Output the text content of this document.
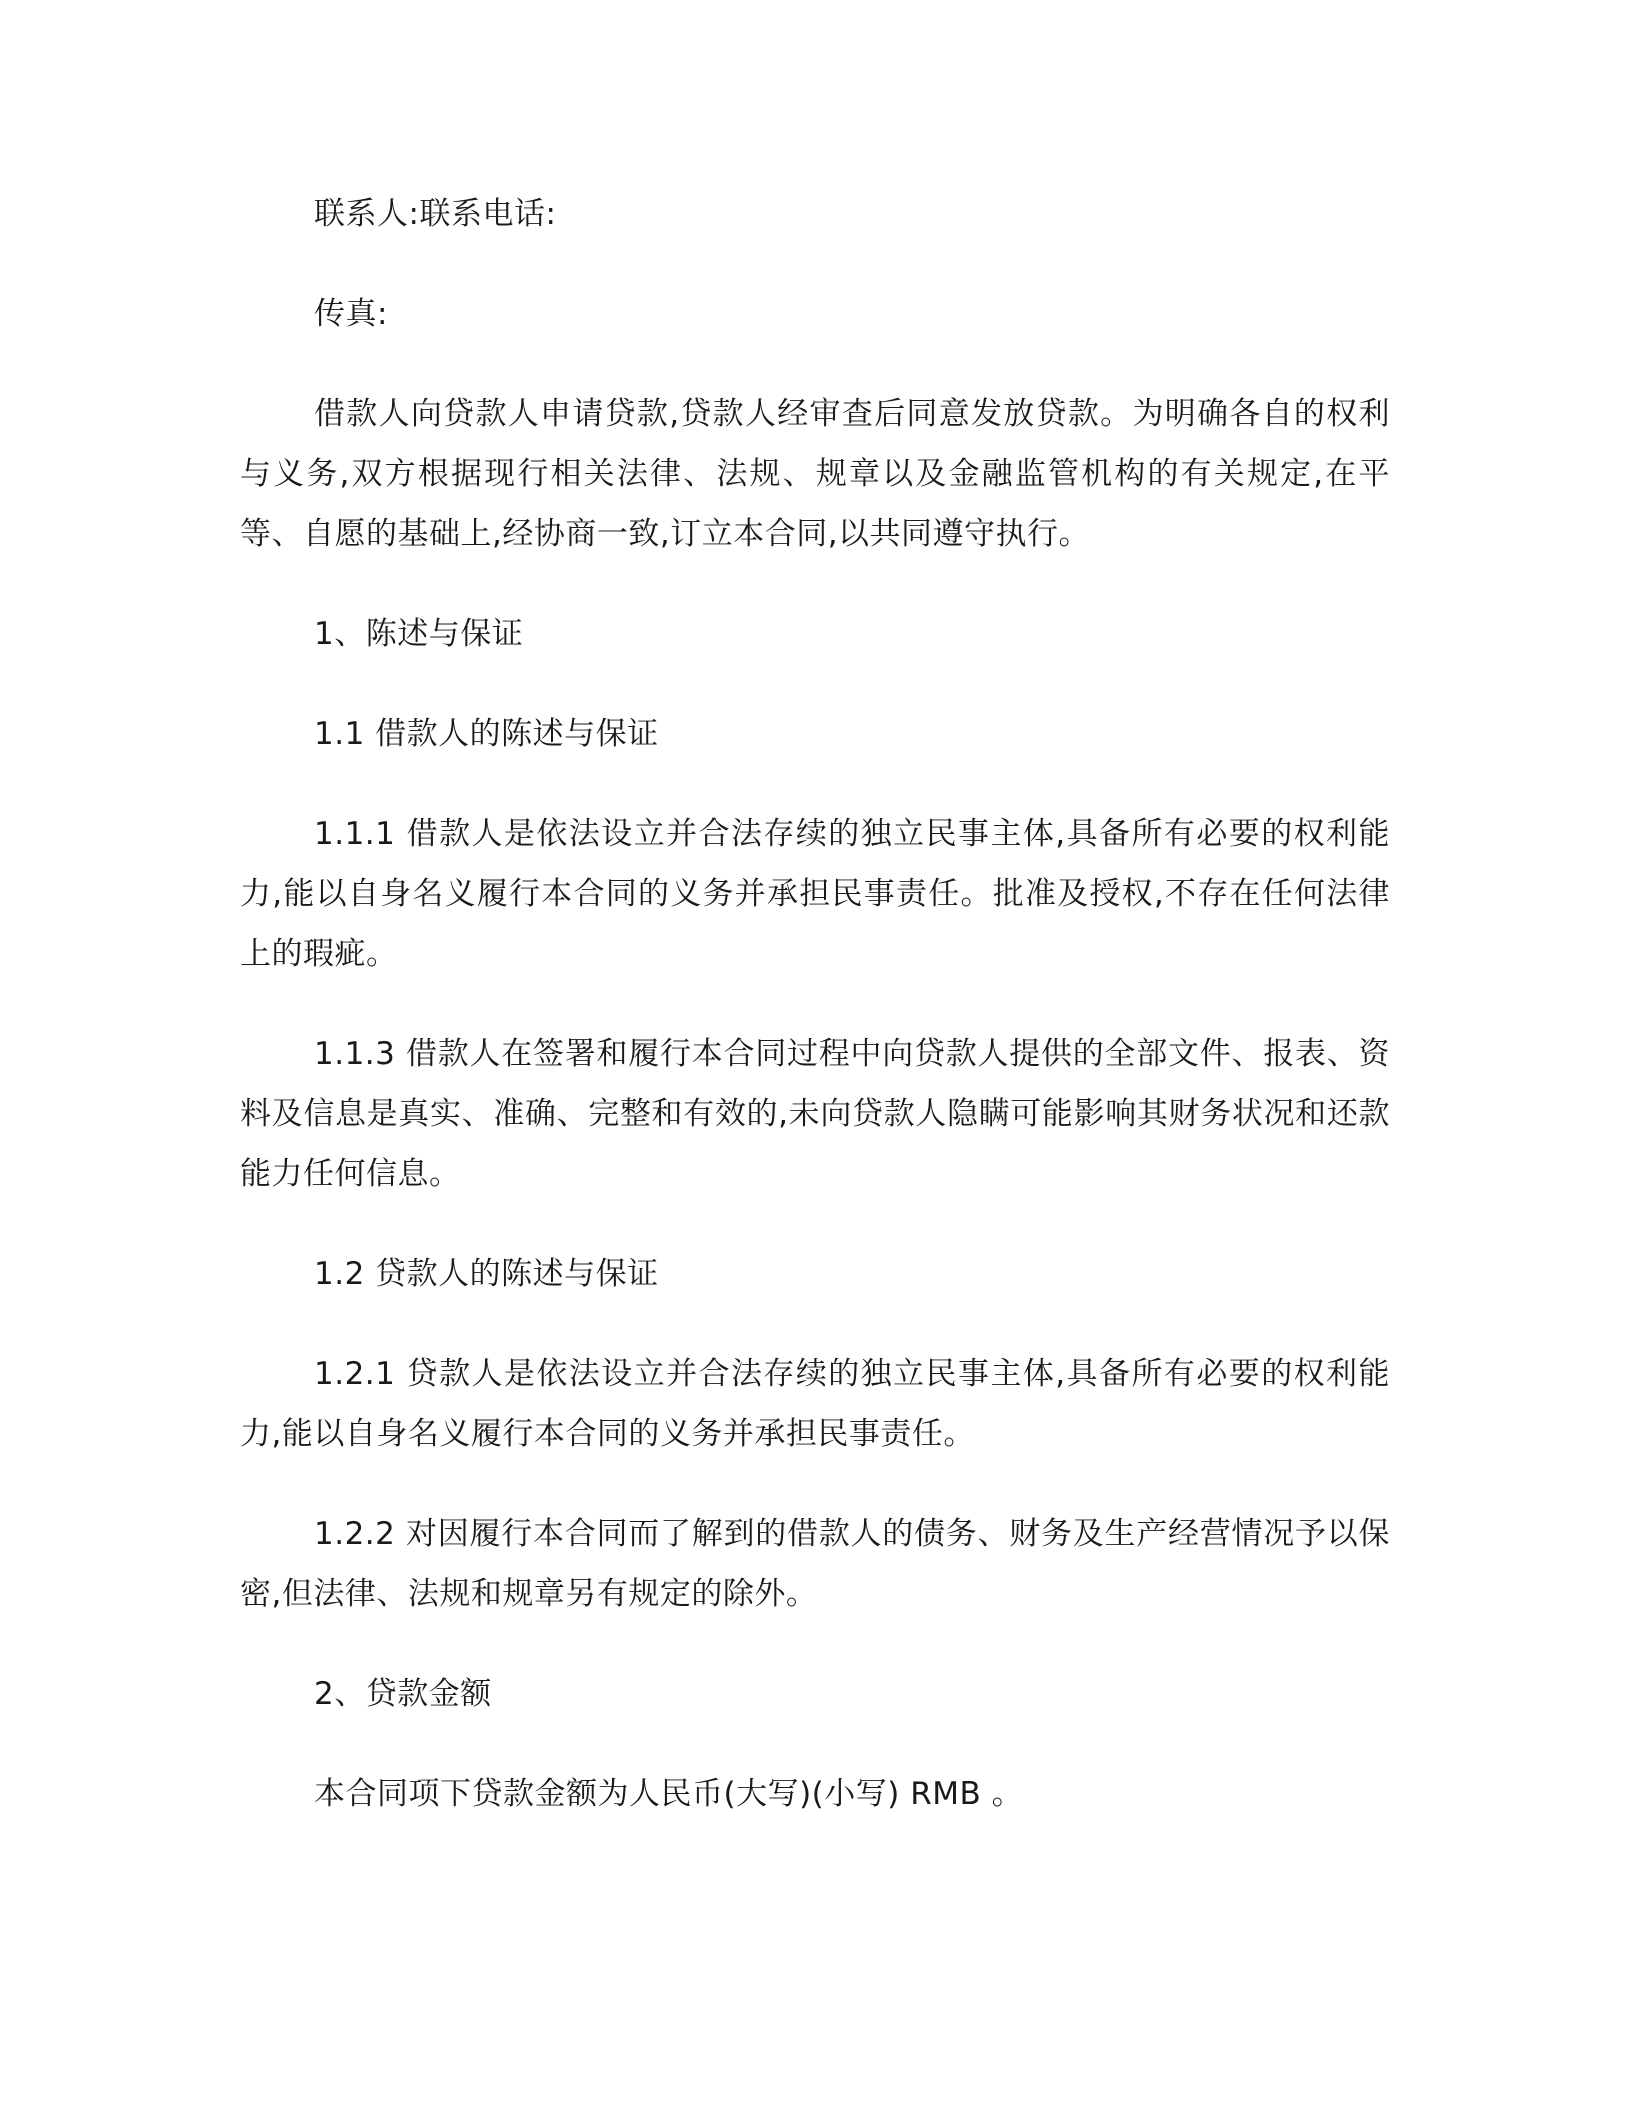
联系人:联系电话:

传真:

借款人向贷款人申请贷款,贷款人经审查后同意发放贷款。为明确各自的权利与义务,双方根据现行相关法律、法规、规章以及金融监管机构的有关规定,在平等、自愿的基础上,经协商一致,订立本合同,以共同遵守执行。

1、陈述与保证

1.1 借款人的陈述与保证

1.1.1 借款人是依法设立并合法存续的独立民事主体,具备所有必要的权利能力,能以自身名义履行本合同的义务并承担民事责任。批准及授权,不存在任何法律上的瑕疵。

1.1.3 借款人在签署和履行本合同过程中向贷款人提供的全部文件、报表、资料及信息是真实、准确、完整和有效的,未向贷款人隐瞒可能影响其财务状况和还款能力任何信息。

1.2 贷款人的陈述与保证

1.2.1 贷款人是依法设立并合法存续的独立民事主体,具备所有必要的权利能力,能以自身名义履行本合同的义务并承担民事责任。

1.2.2 对因履行本合同而了解到的借款人的债务、财务及生产经营情况予以保密,但法律、法规和规章另有规定的除外。

2、贷款金额

本合同项下贷款金额为人民币(大写)(小写) RMB 。
